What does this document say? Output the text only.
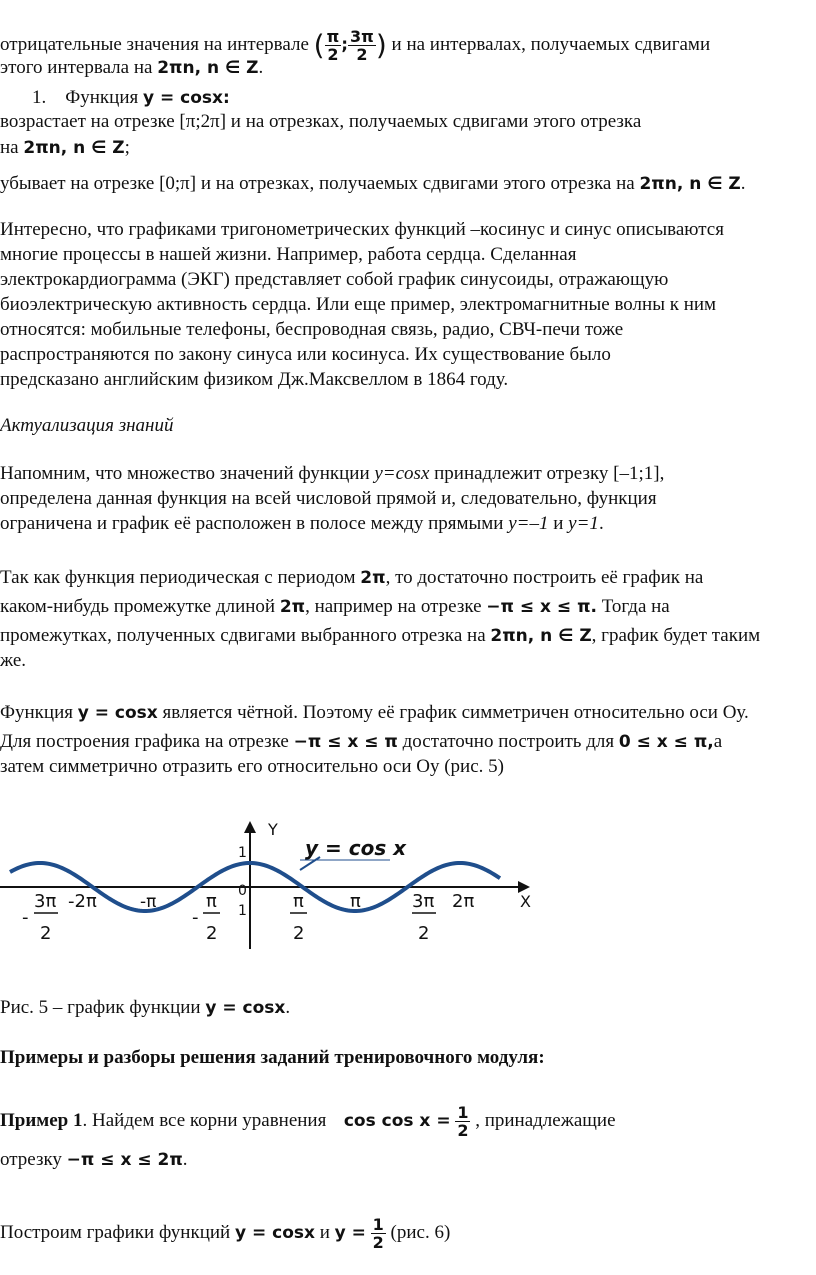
отрицательные значения на интервале ( $\frac{\pi}{2}$ ; $\frac{3\pi}{2}$ ) и на интервалах, получаемых сдвигами
этого интервала на 2πn, n ∈ Z.
1. Функция y = cosx:
возрастает на отрезке [π;2π] и на отрезках, получаемых сдвигами этого отрезка
на 2πn, n ∈ Z;
убывает на отрезке [0;π] и на отрезках, получаемых сдвигами этого отрезка на 2πn, n ∈ Z.
Интересно, что графиками тригонометрических функций –косинус и синус описываются
многие процессы в нашей жизни. Например, работа сердца. Сделанная
электрокардиограмма (ЭКГ) представляет собой график синусоиды, отражающую
биоэлектрическую активность сердца. Или еще пример, электромагнитные волны к ним
относятся: мобильные телефоны, беспроводная связь, радио, СВЧ-печи тоже
распространяются по закону синуса или косинуса. Их существование было
предсказано английским физиком Дж.Максвеллом в 1864 году.
Актуализация знаний
Напомним, что множество значений функции y=cosx принадлежит отрезку [–1;1],
определена данная функция на всей числовой прямой и, следовательно, функция
ограничена и график её расположен в полосе между прямыми y=–1 и y=1.
Так как функция периодическая с периодом 2π, то достаточно построить её график на
каком-нибудь промежутке длиной 2π, например на отрезке −π ≤ x ≤ π. Тогда на
промежутках, полученных сдвигами выбранного отрезка на 2πn, n ∈ Z, график будет таким
же.
Функция y = cosx является чётной. Поэтому её график симметричен относительно оси Оу.
Для построения графика на отрезке −π ≤ x ≤ π достаточно построить для 0 ≤ x ≤ π,а
затем симметрично отразить его относительно оси Оу (рис. 5)
y = cos x
Y
X
1
0
1
-
3π
2
-2π	-π
-
π
2
π
2
π	3π
2
2π
Рис. 5 – график функции y = cosx.
Примеры и разборы решения заданий тренировочного модуля:
Пример 1. Найдем все корни уравнения $\cos \cos x = \frac{1}{2}$ , принадлежащие
отрезку −π ≤ x ≤ 2π.
Построим графики функций y = cosx и $y = \frac{1}{2} (рис$. 6)
